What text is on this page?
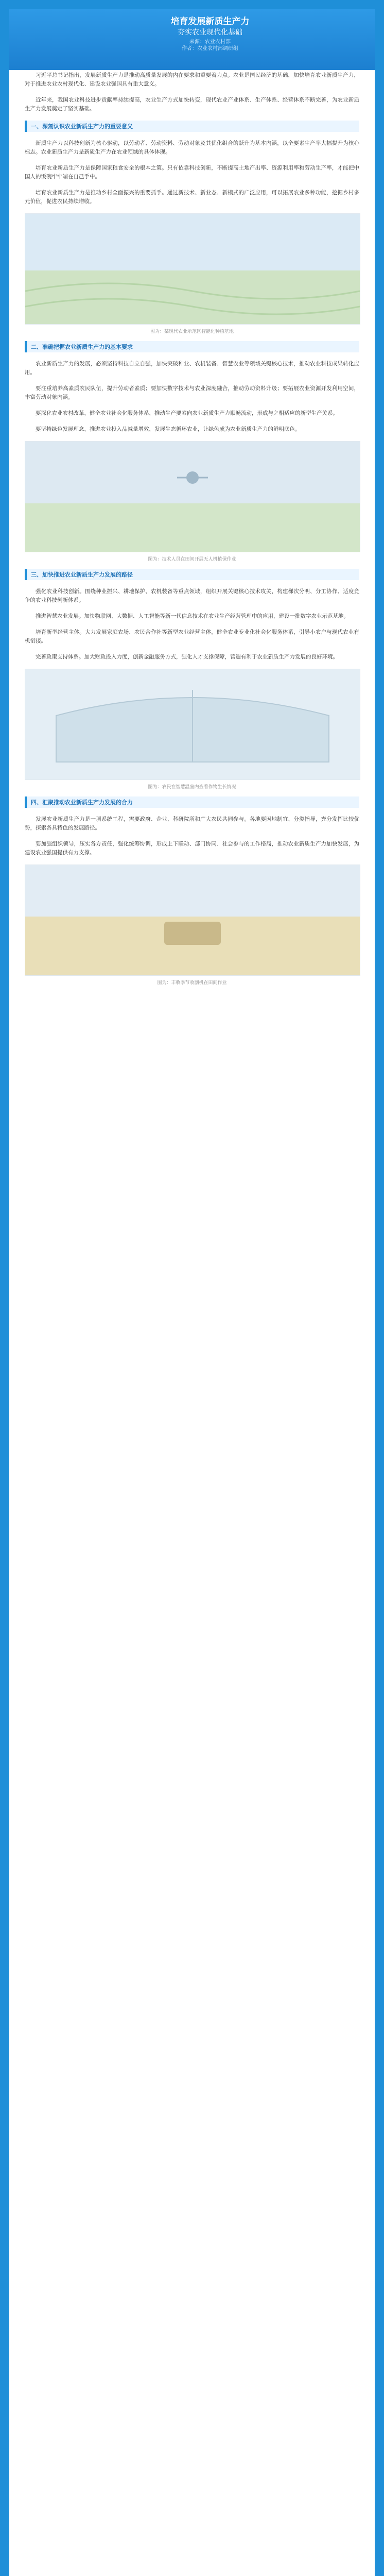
培育发展新质生产力

夯实农业现代化基础

来源：农业农村部

作者：农业农村部调研组

习近平总书记指出，发展新质生产力是推动高质量发展的内在要求和重要着力点。农业是国民经济的基础，加快培育农业新质生产力，对于推进农业农村现代化、建设农业强国具有重大意义。

近年来，我国农业科技进步贡献率持续提高，农业生产方式加快转变，现代农业产业体系、生产体系、经营体系不断完善，为农业新质生产力发展奠定了坚实基础。

一、深刻认识农业新质生产力的重要意义

新质生产力以科技创新为核心驱动，以劳动者、劳动资料、劳动对象及其优化组合的跃升为基本内涵，以全要素生产率大幅提升为核心标志。农业新质生产力是新质生产力在农业领域的具体体现。

培育农业新质生产力是保障国家粮食安全的根本之策。只有依靠科技创新，不断提高土地产出率、资源利用率和劳动生产率，才能把中国人的饭碗牢牢端在自己手中。

培育农业新质生产力是推动乡村全面振兴的重要抓手。通过新技术、新业态、新模式的广泛应用，可以拓展农业多种功能，挖掘乡村多元价值，促进农民持续增收。

图为：某现代农业示范区智能化种植基地
二、准确把握农业新质生产力的基本要求

农业新质生产力的发展，必须坚持科技自立自强，加快突破种业、农机装备、智慧农业等领域关键核心技术，推动农业科技成果转化应用。

要注重培养高素质农民队伍，提升劳动者素质；要加快数字技术与农业深度融合，推动劳动资料升级；要拓展农业资源开发利用空间，丰富劳动对象内涵。

要深化农业农村改革，健全农业社会化服务体系，推动生产要素向农业新质生产力顺畅流动，形成与之相适应的新型生产关系。

要坚持绿色发展理念，推进农业投入品减量增效，发展生态循环农业，让绿色成为农业新质生产力的鲜明底色。

图为：技术人员在田间开展无人机植保作业
三、加快推进农业新质生产力发展的路径

强化农业科技创新。围绕种业振兴、耕地保护、农机装备等重点领域，组织开展关键核心技术攻关，构建梯次分明、分工协作、适度竞争的农业科技创新体系。

推进智慧农业发展。加快物联网、大数据、人工智能等新一代信息技术在农业生产经营管理中的应用，建设一批数字农业示范基地。

培育新型经营主体。大力发展家庭农场、农民合作社等新型农业经营主体，健全农业专业化社会化服务体系，引导小农户与现代农业有机衔接。

完善政策支持体系。加大财政投入力度，创新金融服务方式，强化人才支撑保障，营造有利于农业新质生产力发展的良好环境。

图为：农民在智慧温室内查看作物生长情况
四、汇聚推动农业新质生产力发展的合力

发展农业新质生产力是一项系统工程，需要政府、企业、科研院所和广大农民共同参与。各地要因地制宜、分类指导，充分发挥比较优势，探索各具特色的发展路径。

要加强组织领导，压实各方责任，强化统筹协调，形成上下联动、部门协同、社会参与的工作格局，推动农业新质生产力加快发展，为建设农业强国提供有力支撑。

图为：丰收季节收割机在田间作业
